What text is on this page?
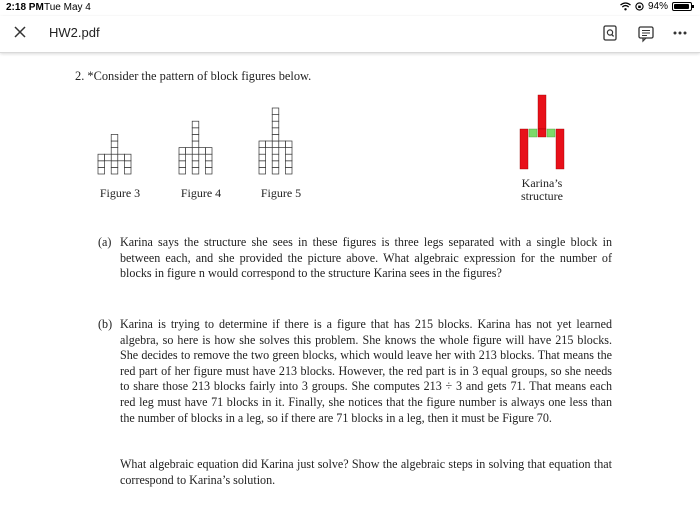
2:18 PM Tue May 4	94%
HW2.pdf
2. *Consider the pattern of block figures below.
Figure 3	Figure 4	Figure 5
Karina’s
structure
(a) Karina says the structure she sees in these figures is three legs separated with a single block in between each, and she provided the picture above. What algebraic expression for the number of blocks in figure n would correspond to the structure Karina sees in the figures?
(b) Karina is trying to determine if there is a figure that has 215 blocks. Karina has not yet learned algebra, so here is how she solves this problem. She knows the whole figure will have 215 blocks. She decides to remove the two green blocks, which would leave her with 213 blocks. That means the red part of her figure must have 213 blocks. However, the red part is in 3 equal groups, so she needs to share those 213 blocks fairly into 3 groups. She computes 213 ÷ 3 and gets 71. That means each red leg must have 71 blocks in it. Finally, she notices that the figure number is always one less than the number of blocks in a leg, so if there are 71 blocks in a leg, then it must be Figure 70.
What algebraic equation did Karina just solve? Show the algebraic steps in solving that equation that correspond to Karina’s solution.
